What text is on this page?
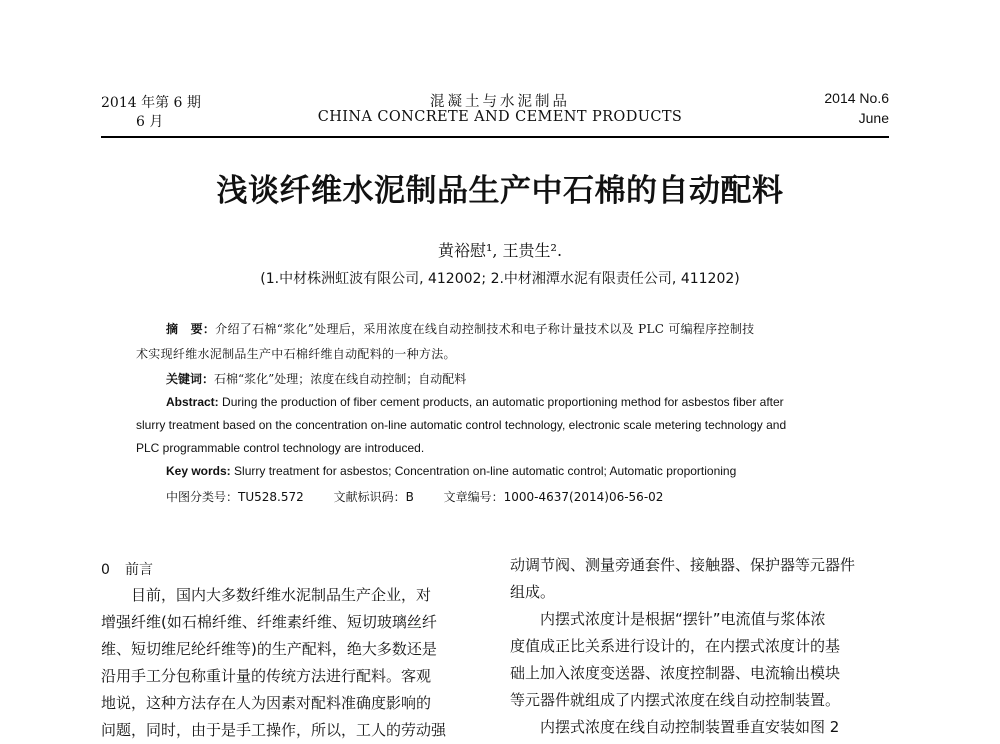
2014 年第 6 期
6 月
混凝土与水泥制品
CHINA CONCRETE AND CEMENT PRODUCTS
2014 No.6
June
浅谈纤维水泥制品生产中石棉的自动配料
黄裕慰¹, 王贵生².
(1.中材株洲虹波有限公司, 412002; 2.中材湘潭水泥有限责任公司, 411202)
摘　要：介绍了石棉“浆化”处理后，采用浓度在线自动控制技术和电子称计量技术以及 PLC 可编程序控制技
术实现纤维水泥制品生产中石棉纤维自动配料的一种方法。
关键词：石棉“浆化”处理；浓度在线自动控制；自动配料
Abstract: During the production of fiber cement products, an automatic proportioning method for asbestos fiber after
slurry treatment based on the concentration on-line automatic control technology, electronic scale metering technology and
PLC programmable control technology are introduced.
Key words: Slurry treatment for asbestos; Concentration on-line automatic control; Automatic proportioning
中图分类号：TU528.572 文献标识码：B 文章编号：1000-4637(2014)06-56-02
0 前言
目前，国内大多数纤维水泥制品生产企业，对
增强纤维(如石棉纤维、纤维素纤维、短切玻璃丝纤
维、短切维尼纶纤维等)的生产配料，绝大多数还是
沿用手工分包称重计量的传统方法进行配料。客观
地说，这种方法存在人为因素对配料准确度影响的
问题，同时，由于是手工操作，所以，工人的劳动强
动调节阀、测量旁通套件、接触器、保护器等元器件
组成。
内摆式浓度计是根据“摆针”电流值与浆体浓
度值成正比关系进行设计的，在内摆式浓度计的基
础上加入浓度变送器、浓度控制器、电流输出模块
等元器件就组成了内摆式浓度在线自动控制装置。
内摆式浓度在线自动控制装置垂直安装如图 2
